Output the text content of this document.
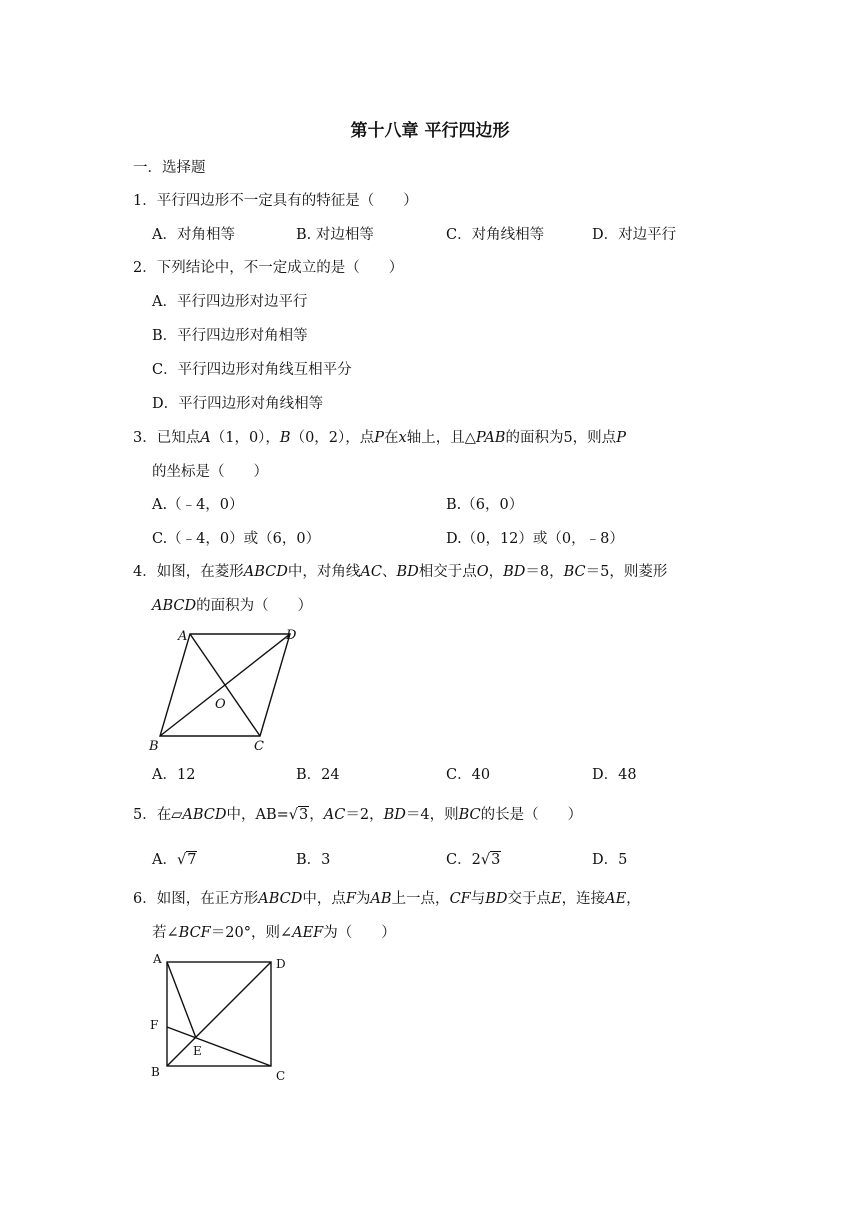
第十八章 平行四边形
一．选择题
1．平行四边形不一定具有的特征是（　　）
A．对角相等	B. 对边相等	C．对角线相等	D．对边平行
2．下列结论中，不一定成立的是（　　）
A．平行四边形对边平行
B．平行四边形对角相等
C．平行四边形对角线互相平分
D．平行四边形对角线相等
3．已知点A（1，0），B（0，2），点P在x轴上，且△PAB的面积为5，则点P
的坐标是（　　）
A.（﹣4，0）	B.（6，0）
C.（﹣4，0）或（6，0）	D.（0，12）或（0，﹣8）
4．如图，在菱形ABCD中，对角线AC、BD相交于点O，BD＝8，BC＝5，则菱形
ABCD的面积为（　　）
A	D
O
B	C
A．12	B．24	C．40	D．48
5．在▱ABCD中，AB=√3，AC＝2，BD＝4，则BC的长是（　　）
A．√7	B．3	C．2√3	D．5
6．如图，在正方形ABCD中，点F为AB上一点，CF与BD交于点E，连接AE，
若∠BCF＝20°，则∠AEF为（　　）
A	D
F
E
B	C
